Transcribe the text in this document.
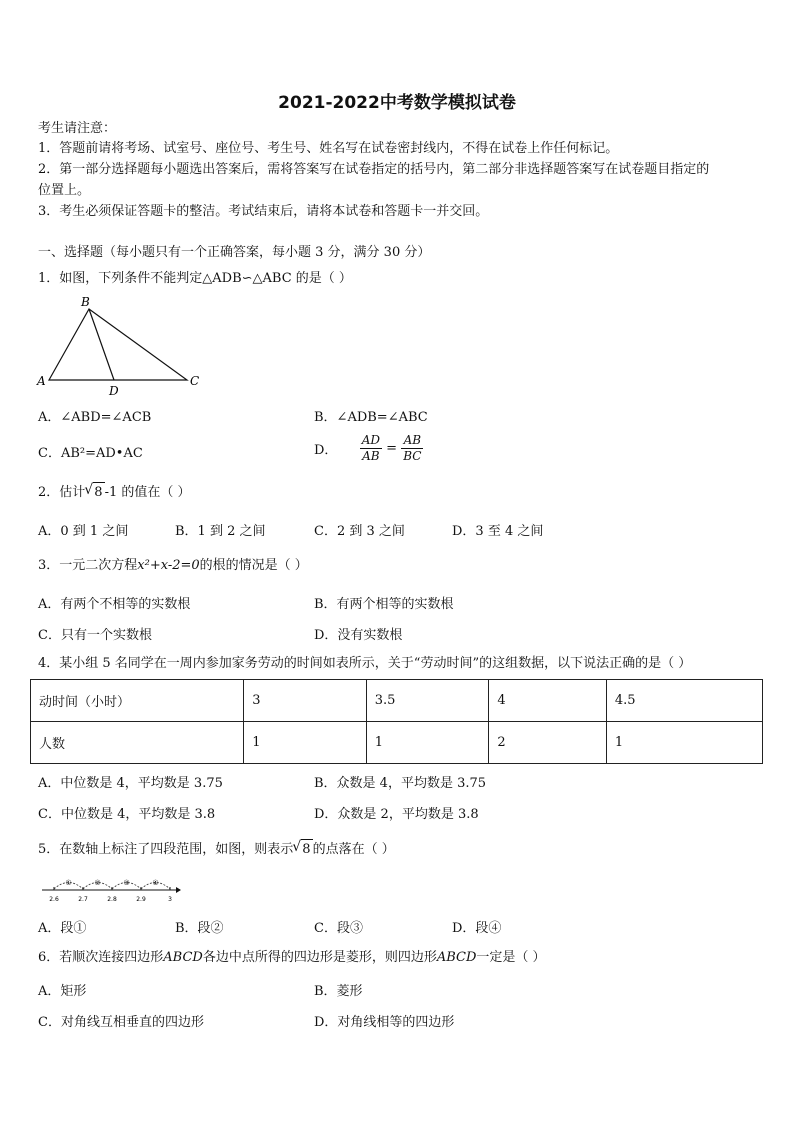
2021-2022中考数学模拟试卷
考生请注意：
1．答题前请将考场、试室号、座位号、考生号、姓名写在试卷密封线内，不得在试卷上作任何标记。
2．第一部分选择题每小题选出答案后，需将答案写在试卷指定的括号内，第二部分非选择题答案写在试卷题目指定的
位置上。
3．考生必须保证答题卡的整洁。考试结束后，请将本试卷和答题卡一并交回。
一、选择题（每小题只有一个正确答案，每小题 3 分，满分 30 分）
1．如图，下列条件不能判定△ADB∽△ABC 的是（ ）
B
A
D
C
A．∠ABD=∠ACB	B．∠ADB=∠ABC
C．AB²=AD•AC	D． $\frac{AD}{AB} = \frac{AB}{BC}$
2．估计 √ 8 -1 的值在（ ）
A．0 到 1 之间	B．1 到 2 之间	C．2 到 3 之间	D．3 至 4 之间
3．一元二次方程x²+x-2=0的根的情况是（ ）
A．有两个不相等的实数根	B．有两个相等的实数根
C．只有一个实数根	D．没有实数根
4．某小组 5 名同学在一周内参加家务劳动的时间如表所示，关于“劳动时间”的这组数据，以下说法正确的是（ ）
动时间（小时）	3	3.5	4	4.5
人数	1	1	2	1
A．中位数是 4，平均数是 3.75	B．众数是 4，平均数是 3.75
C．中位数是 4，平均数是 3.8	D．众数是 2，平均数是 3.8
5．在数轴上标注了四段范围，如图，则表示 √ 8 的点落在（ ）
2.6	2.7	2.8	2.9	3
①	②	③	④
A．段①	B．段②	C．段③	D．段④
6．若顺次连接四边形ABCD各边中点所得的四边形是菱形，则四边形ABCD一定是（ ）
A．矩形	B．菱形
C．对角线互相垂直的四边形	D．对角线相等的四边形
